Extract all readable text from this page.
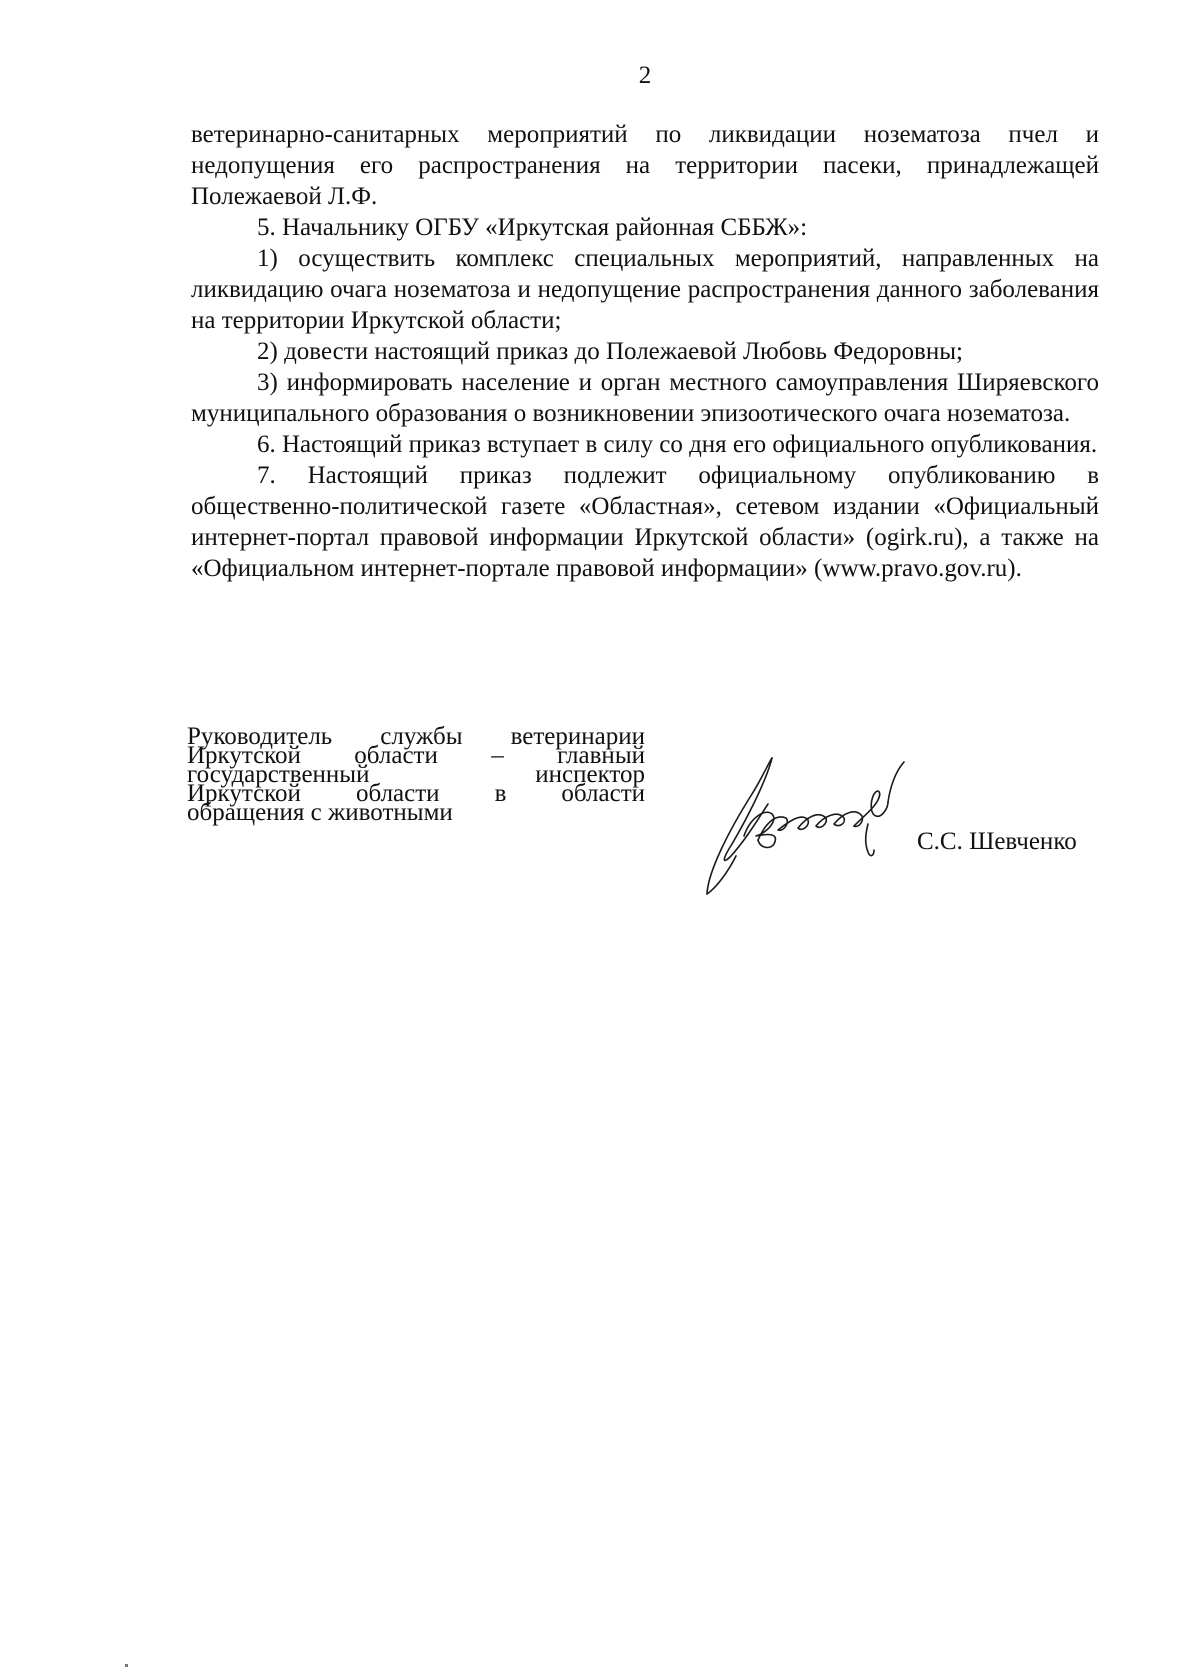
2

ветеринарно-санитарных мероприятий по ликвидации нозематоза пчел и недопущения его распространения на территории пасеки, принадлежащей Полежаевой Л.Ф.

5. Начальнику ОГБУ «Иркутская районная СББЖ»:

1) осуществить комплекс специальных мероприятий, направленных на ликвидацию очага нозематоза и недопущение распространения данного заболевания на территории Иркутской области;

2) довести настоящий приказ до Полежаевой Любовь Федоровны;

3) информировать население и орган местного самоуправления Ширяевского муниципального образования о возникновении эпизоотического очага нозематоза.

6. Настоящий приказ вступает в силу со дня его официального опубликования.

7. Настоящий приказ подлежит официальному опубликованию в общественно-политической газете «Областная», сетевом издании «Официальный интернет-портал правовой информации Иркутской области» (ogirk.ru), а также на «Официальном интернет-портале правовой информации» (www.pravo.gov.ru).

Руководитель службы ветеринарии
Иркутской области – главный
государственный инспектор
Иркутской области в области
обращения с животными
С.С. Шевченко
